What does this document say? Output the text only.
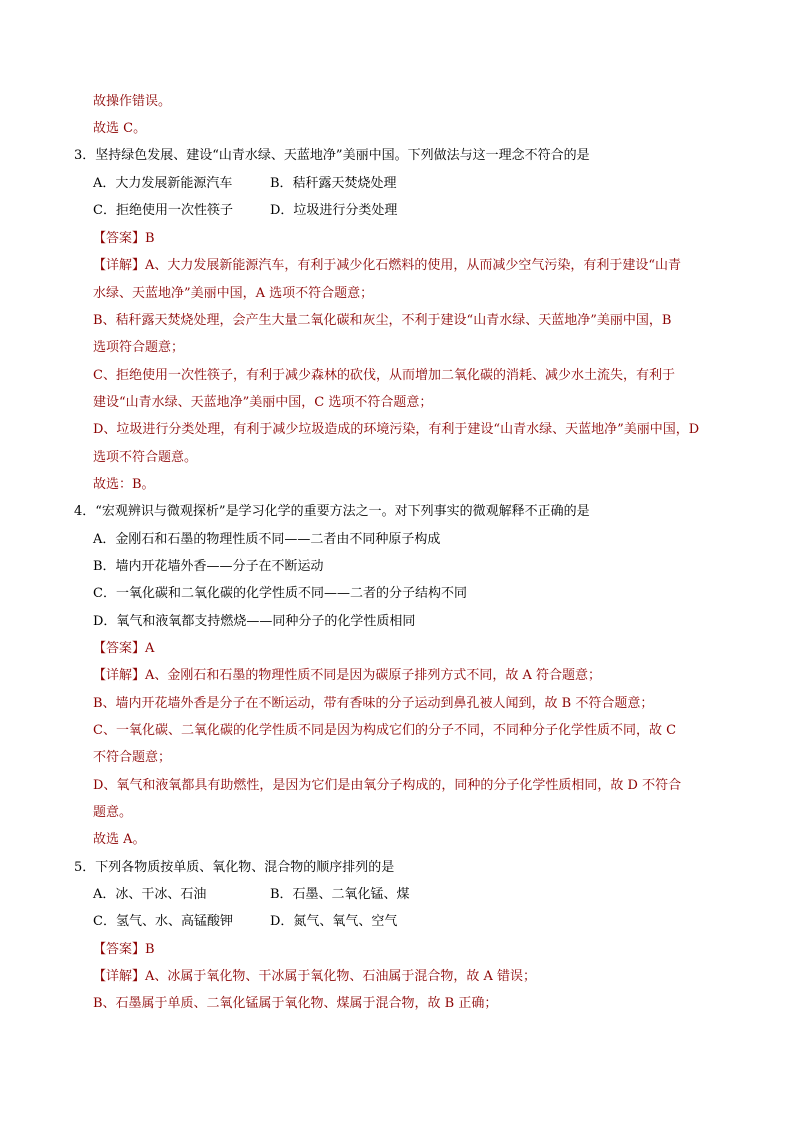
故操作错误。
故选 C。
3．坚持绿色发展、建设“山青水绿、天蓝地净”美丽中国。下列做法与这一理念不符合的是
A．大力发展新能源汽车	B．秸秆露天焚烧处理
C．拒绝使用一次性筷子	D．垃圾进行分类处理
【答案】B
【详解】A、大力发展新能源汽车，有利于减少化石燃料的使用，从而减少空气污染，有利于建设“山青
水绿、天蓝地净”美丽中国，A 选项不符合题意；
B、秸秆露天焚烧处理，会产生大量二氧化碳和灰尘，不利于建设“山青水绿、天蓝地净”美丽中国，B
选项符合题意；
C、拒绝使用一次性筷子，有利于减少森林的砍伐，从而增加二氧化碳的消耗、减少水土流失，有利于
建设“山青水绿、天蓝地净”美丽中国，C 选项不符合题意；
D、垃圾进行分类处理，有利于减少垃圾造成的环境污染，有利于建设“山青水绿、天蓝地净”美丽中国，D
选项不符合题意。
故选：B。
4．“宏观辨识与微观探析”是学习化学的重要方法之一。对下列事实的微观解释不正确的是
A．金刚石和石墨的物理性质不同——二者由不同种原子构成
B．墙内开花墙外香——分子在不断运动
C．一氧化碳和二氧化碳的化学性质不同——二者的分子结构不同
D．氧气和液氧都支持燃烧——同种分子的化学性质相同
【答案】A
【详解】A、金刚石和石墨的物理性质不同是因为碳原子排列方式不同，故 A 符合题意；
B、墙内开花墙外香是分子在不断运动，带有香味的分子运动到鼻孔被人闻到，故 B 不符合题意；
C、一氧化碳、二氧化碳的化学性质不同是因为构成它们的分子不同，不同种分子化学性质不同，故 C
不符合题意；
D、氧气和液氧都具有助燃性，是因为它们是由氧分子构成的，同种的分子化学性质相同，故 D 不符合
题意。
故选 A。
5．下列各物质按单质、氧化物、混合物的顺序排列的是
A．冰、干冰、石油	B．石墨、二氧化锰、煤
C．氢气、水、高锰酸钾	D．氮气、氧气、空气
【答案】B
【详解】A、冰属于氧化物、干冰属于氧化物、石油属于混合物，故 A 错误；
B、石墨属于单质、二氧化锰属于氧化物、煤属于混合物，故 B 正确；
